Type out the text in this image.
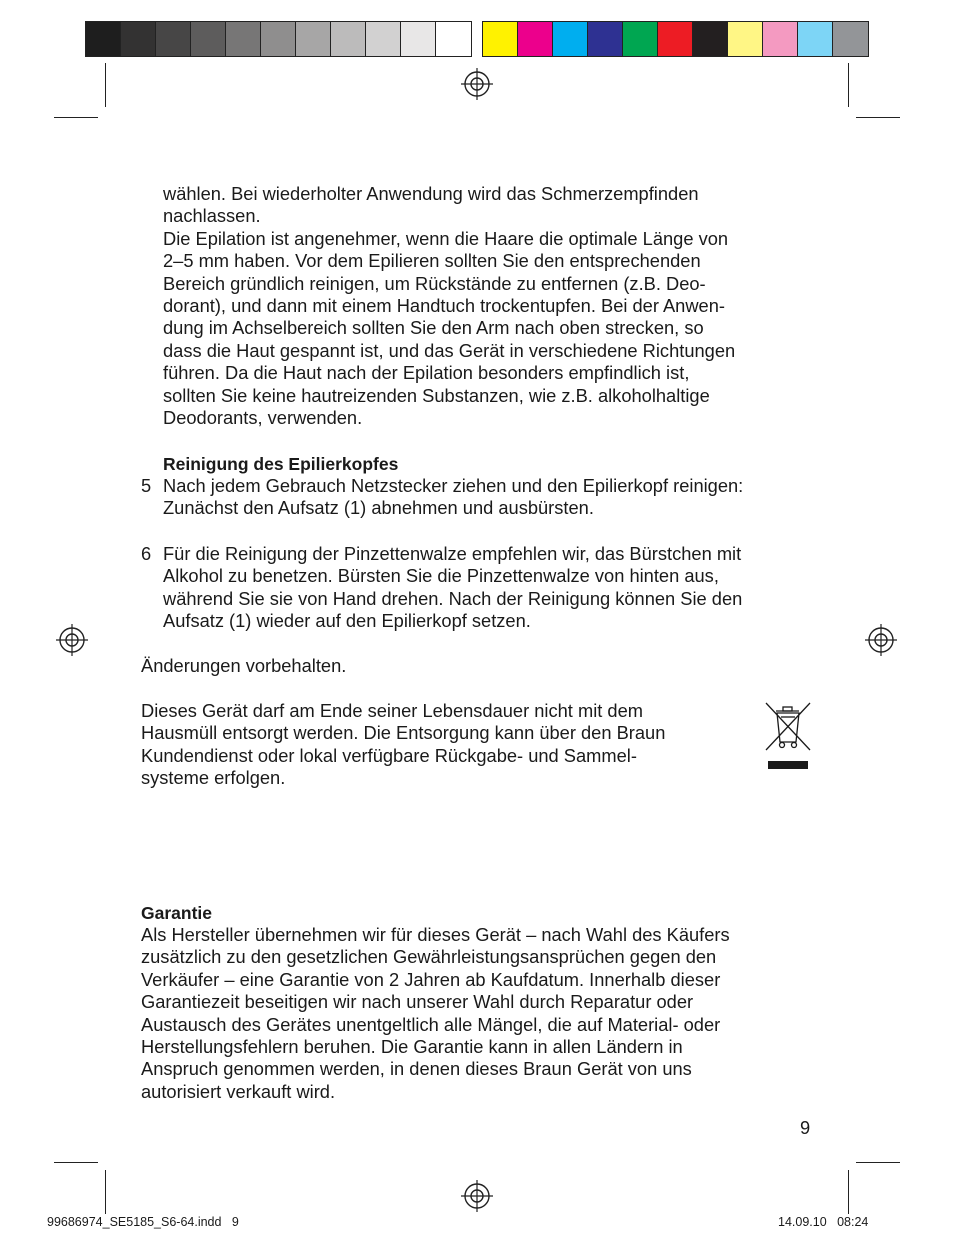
wählen. Bei wiederholter Anwendung wird das Schmerzempfinden
nachlassen.
Die Epilation ist angenehmer, wenn die Haare die optimale Länge von
2–5 mm haben. Vor dem Epilieren sollten Sie den entsprechenden
Bereich gründlich reinigen, um Rückstände zu entfernen (z.B. Deo-
dorant), und dann mit einem Handtuch trockentupfen. Bei der Anwen-
dung im Achselbereich sollten Sie den Arm nach oben strecken, so
dass die Haut gespannt ist, und das Gerät in verschiedene Richtungen
führen. Da die Haut nach der Epilation besonders empfindlich ist,
sollten Sie keine hautreizenden Substanzen, wie z.B. alkoholhaltige
Deodorants, verwenden.
Reinigung des Epilierkopfes
5 Nach jedem Gebrauch Netzstecker ziehen und den Epilierkopf reinigen:
Zunächst den Aufsatz (1) abnehmen und ausbürsten.
6 Für die Reinigung der Pinzettenwalze empfehlen wir, das Bürstchen mit
Alkohol zu benetzen. Bürsten Sie die Pinzettenwalze von hinten aus,
während Sie sie von Hand drehen. Nach der Reinigung können Sie den
Aufsatz (1) wieder auf den Epilierkopf setzen.
Änderungen vorbehalten.
Dieses Gerät darf am Ende seiner Lebensdauer nicht mit dem
Hausmüll entsorgt werden. Die Entsorgung kann über den Braun
Kundendienst oder lokal verfügbare Rückgabe- und Sammel-
systeme erfolgen.
Garantie
Als Hersteller übernehmen wir für dieses Gerät – nach Wahl des Käufers
zusätzlich zu den gesetzlichen Gewährleistungsansprüchen gegen den
Verkäufer – eine Garantie von 2 Jahren ab Kaufdatum. Innerhalb dieser
Garantiezeit beseitigen wir nach unserer Wahl durch Reparatur oder
Austausch des Gerätes unentgeltlich alle Mängel, die auf Material- oder
Herstellungsfehlern beruhen. Die Garantie kann in allen Ländern in
Anspruch genommen werden, in denen dieses Braun Gerät von uns
autorisiert verkauft wird.
9
99686974_SE5185_S6-64.indd   9	14.09.10   08:24
